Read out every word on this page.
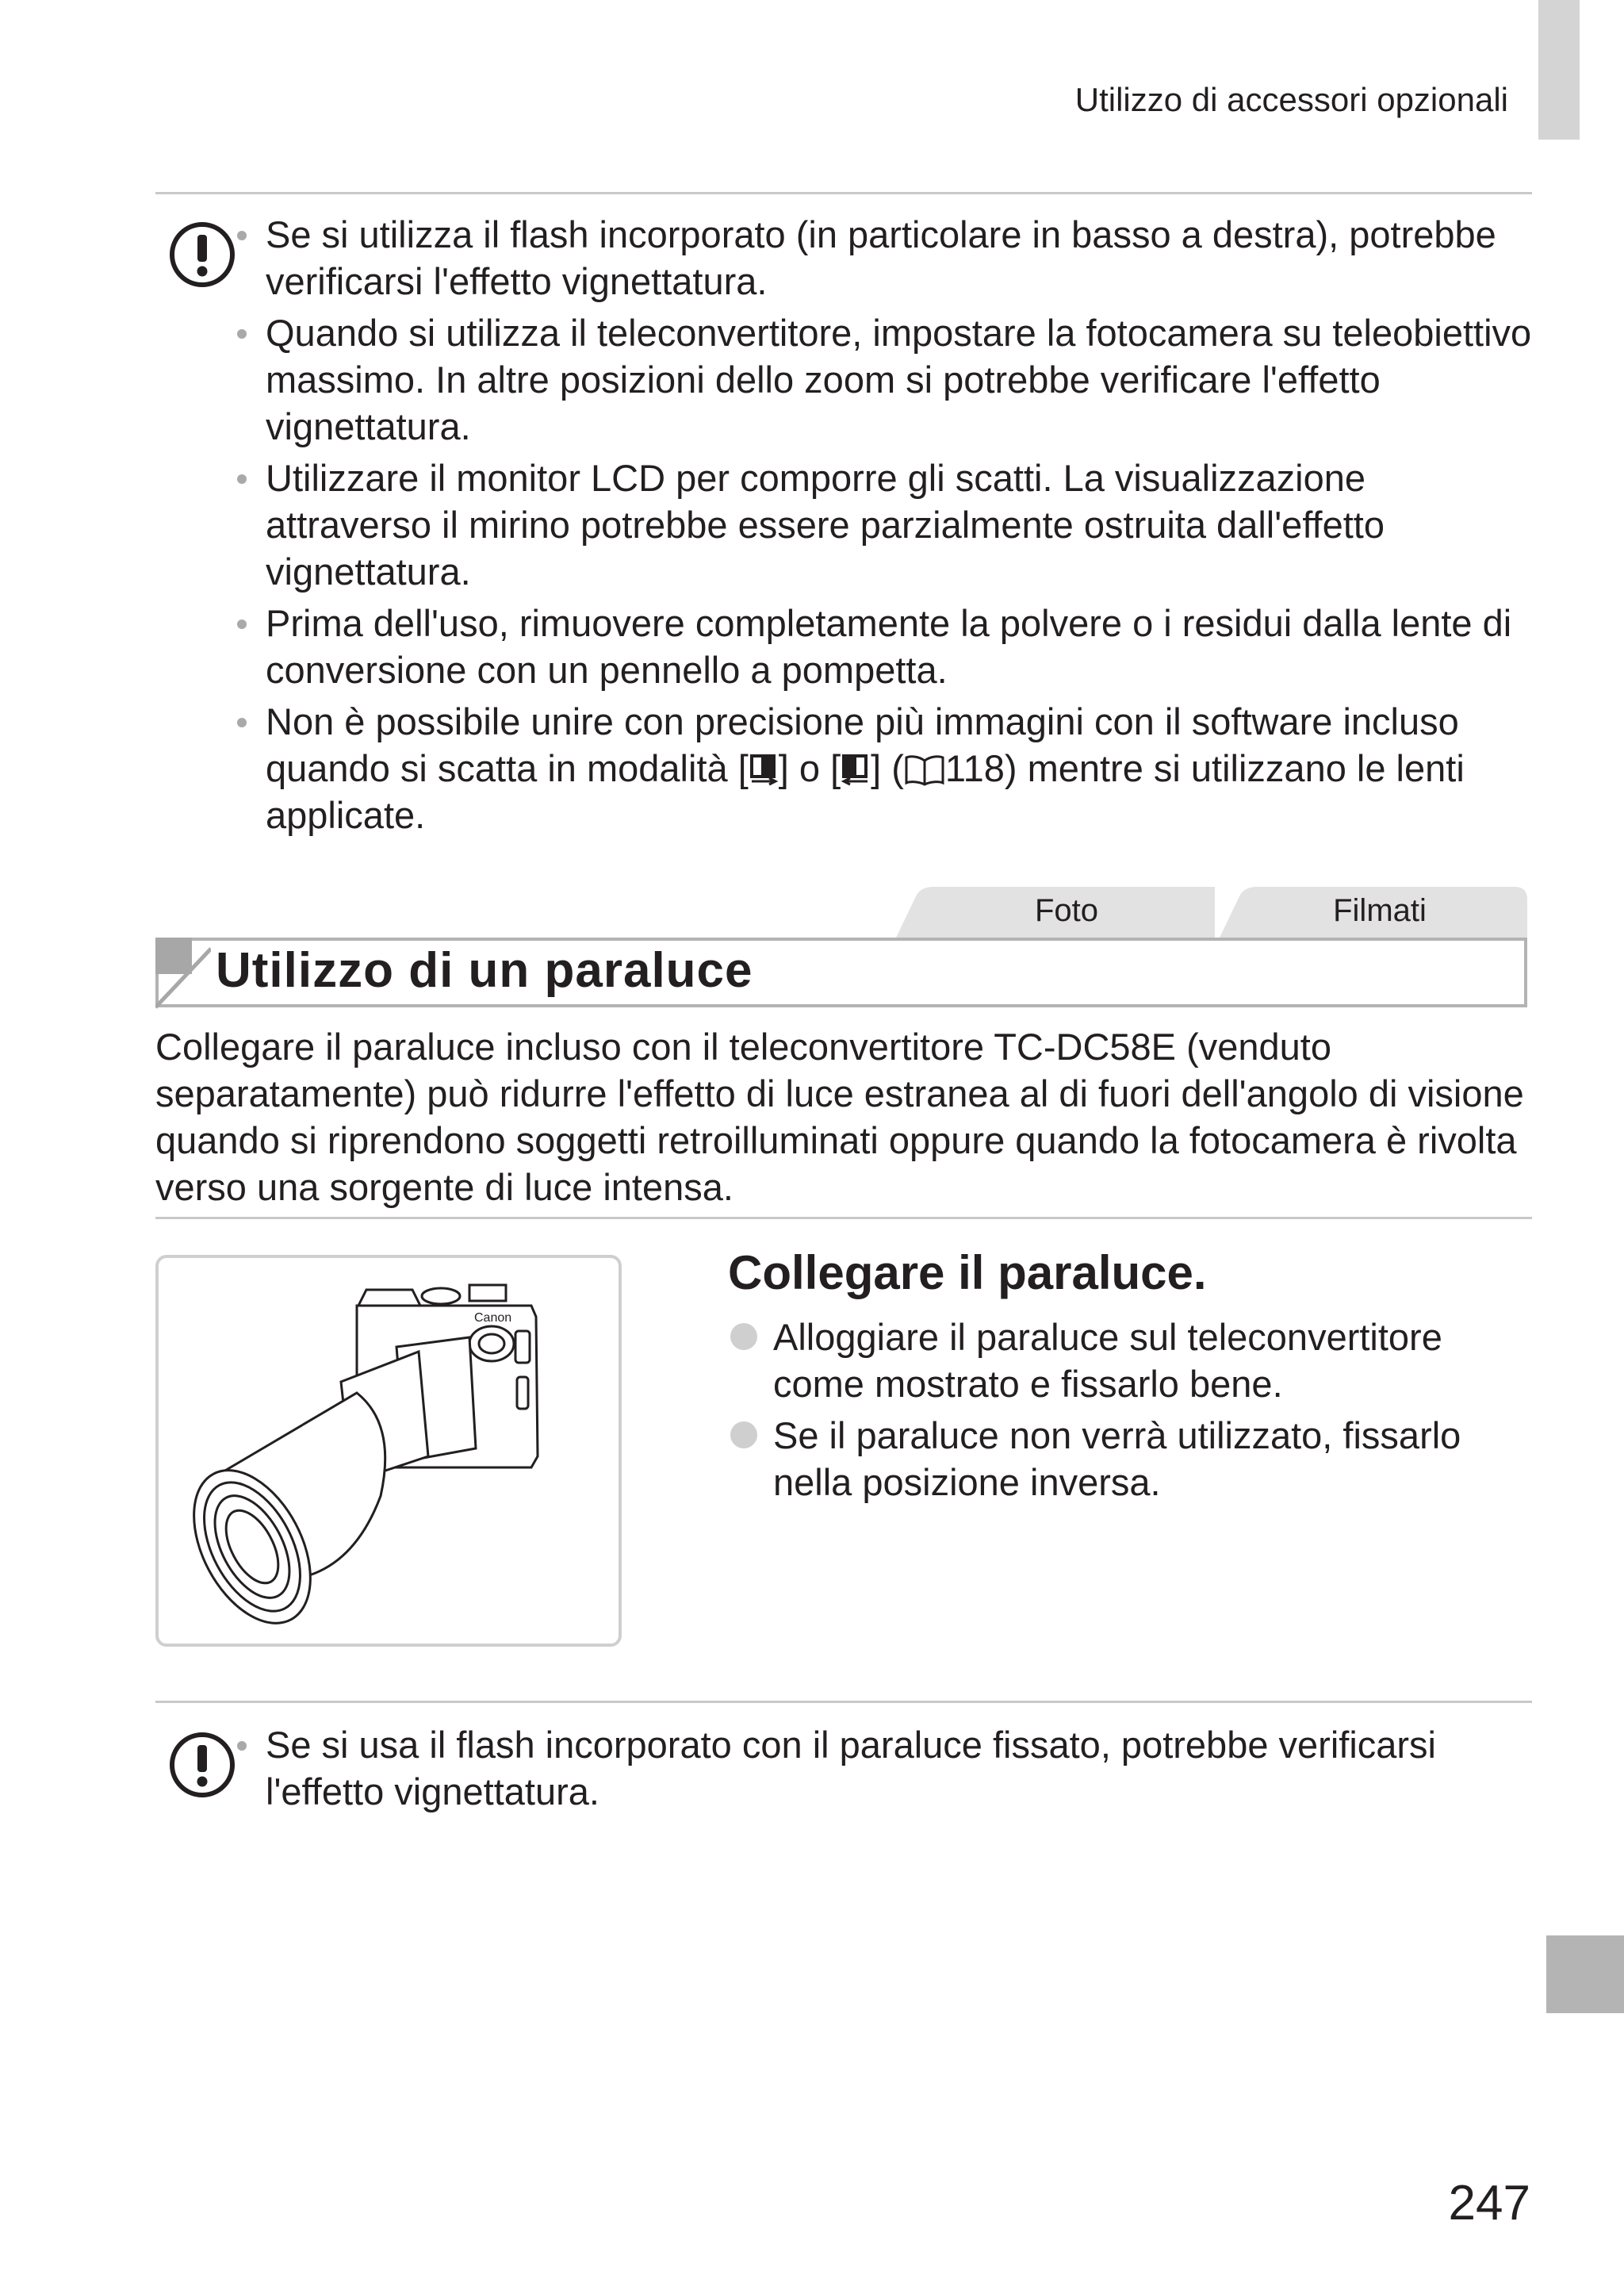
Utilizzo di accessori opzionali
Se si utilizza il flash incorporato (in particolare in basso a destra), potrebbe verificarsi l'effetto vignettatura.
Quando si utilizza il teleconvertitore, impostare la fotocamera su teleobiettivo massimo. In altre posizioni dello zoom si potrebbe verificare l'effetto vignettatura.
Utilizzare il monitor LCD per comporre gli scatti. La visualizzazione attraverso il mirino potrebbe essere parzialmente ostruita dall'effetto vignettatura.
Prima dell'uso, rimuovere completamente la polvere o i residui dalla lente di conversione con un pennello a pompetta.
Non è possibile unire con precisione più immagini con il software incluso quando si scatta in modalità [ ] o [ ] ( 118) mentre si utilizzano le lenti applicate.
Foto	Filmati
Utilizzo di un paraluce
Collegare il paraluce incluso con il teleconvertitore TC-DC58E (venduto separatamente) può ridurre l'effetto di luce estranea al di fuori dell'angolo di visione quando si riprendono soggetti retroilluminati oppure quando la fotocamera è rivolta verso una sorgente di luce intensa.
Canon
Collegare il paraluce.
Alloggiare il paraluce sul teleconvertitore come mostrato e fissarlo bene.
Se il paraluce non verrà utilizzato, fissarlo nella posizione inversa.
Se si usa il flash incorporato con il paraluce fissato, potrebbe verificarsi l'effetto vignettatura.
247
